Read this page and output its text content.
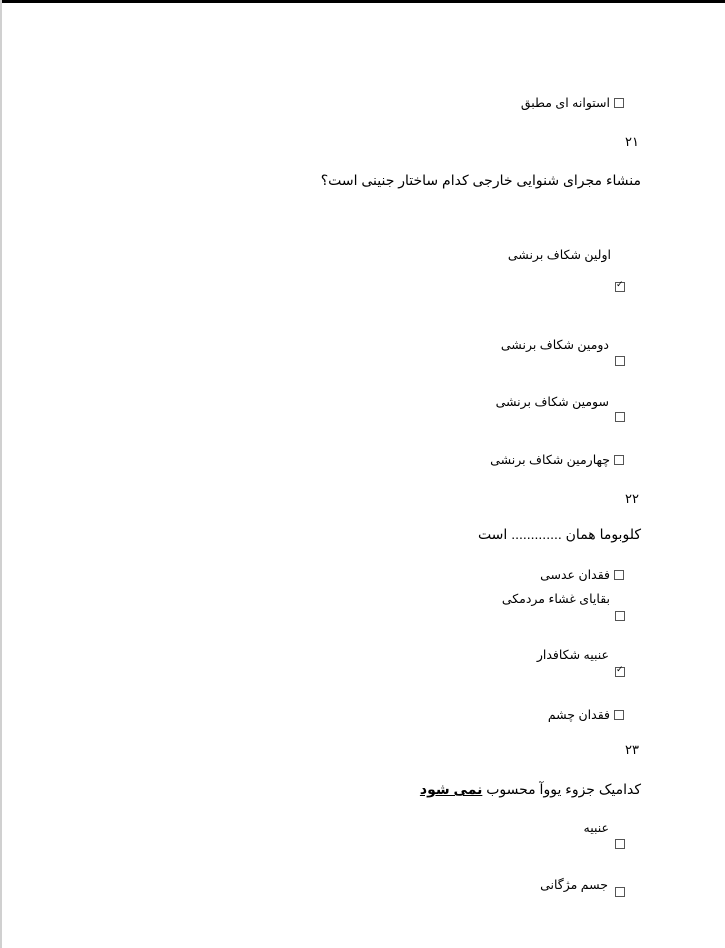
استوانه ای مطبق
۲۱
منشاء مجرای شنوایی خارجی کدام ساختار جنینی است؟
اولین شکاف برنشی
✓
دومین شکاف برنشی
سومین شکاف برنشی
چهارمین شکاف برنشی
۲۲
کلوبوما همان ............. است
فقدان عدسی
بقایای غشاء مردمکی
عنبیه شکافدار
✓
فقدان چشم
۲۳
کدامیک جزوء یووآ محسوب نمی شود
عنبیه
جسم مژگانی
